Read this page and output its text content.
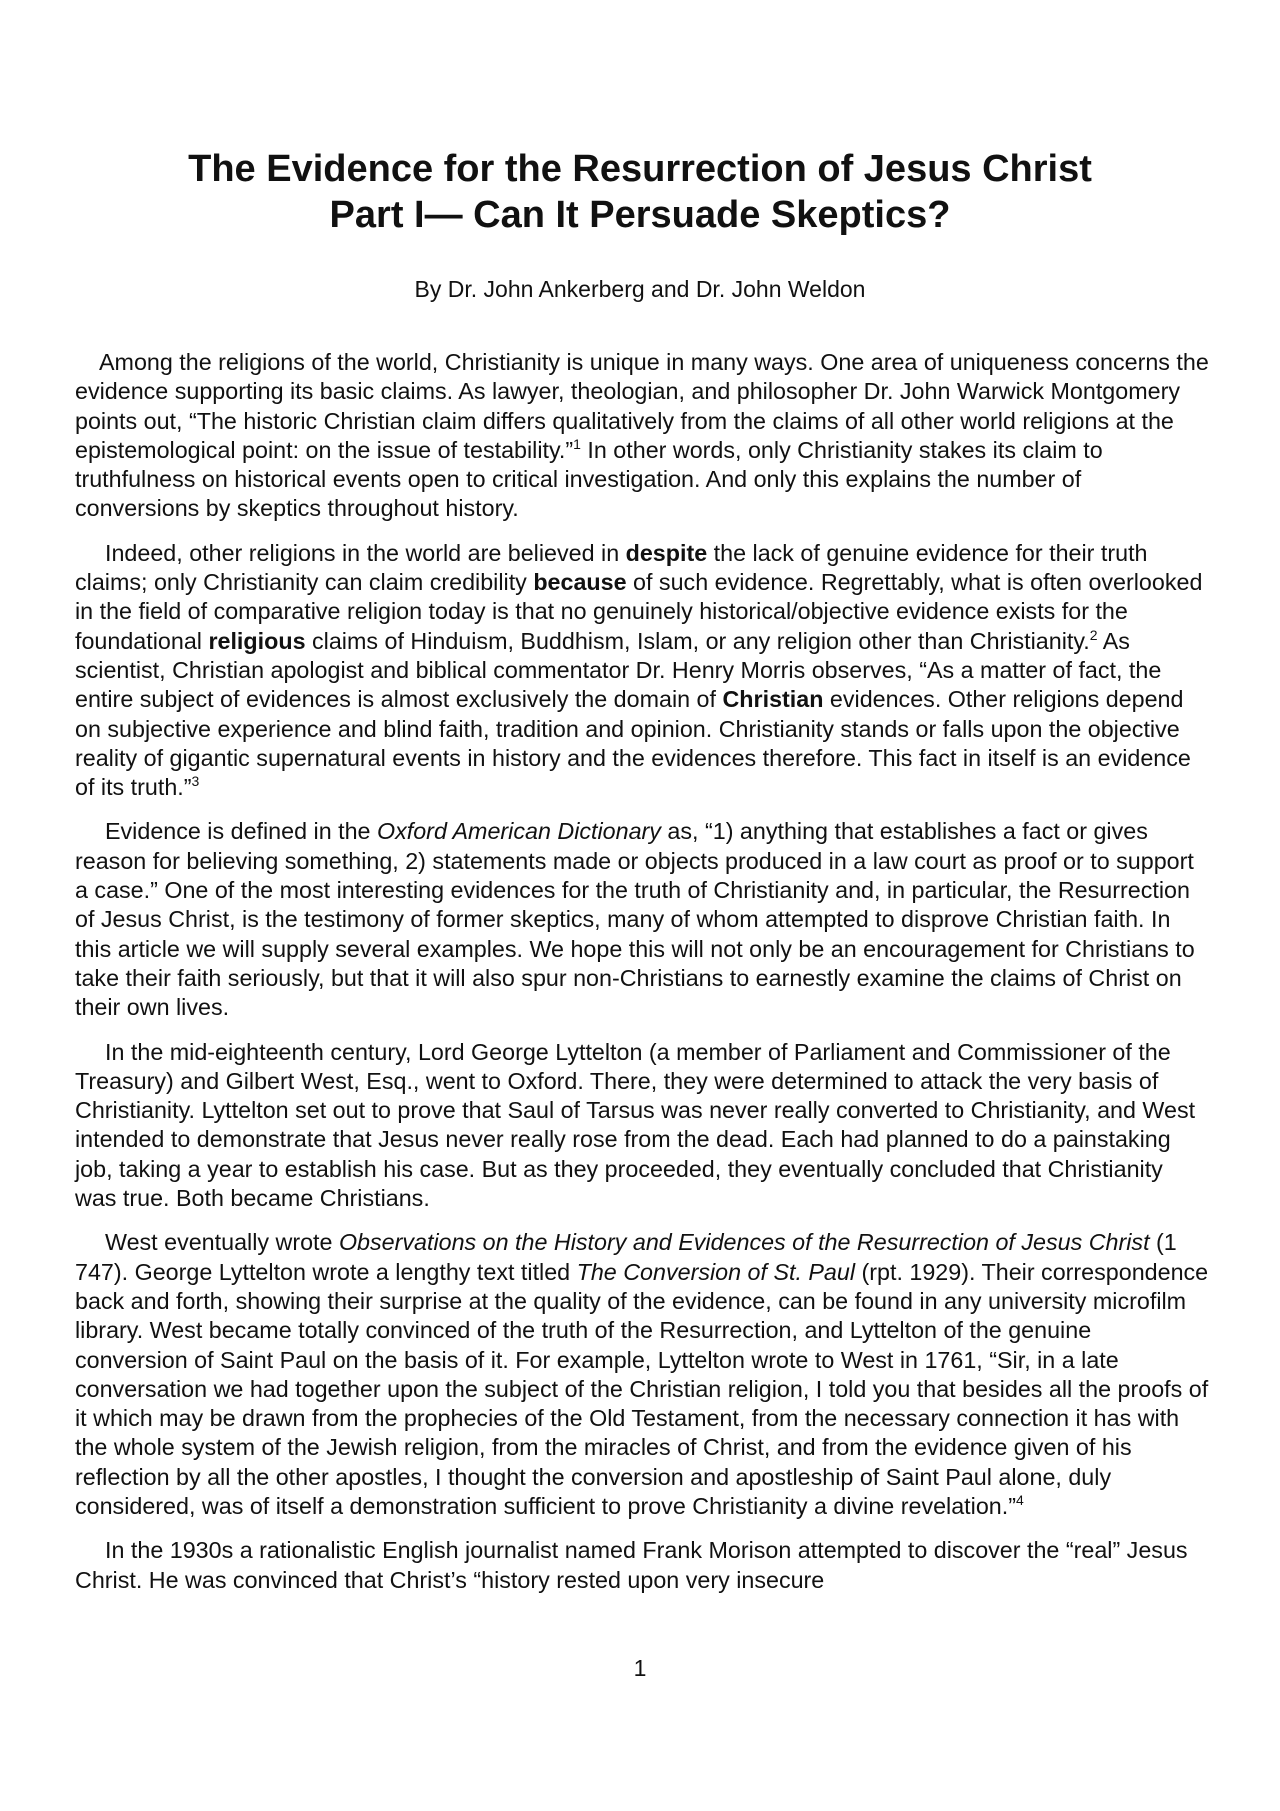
The Evidence for the Resurrection of Jesus Christ
Part I— Can It Persuade Skeptics?
By Dr. John Ankerberg and Dr. John Weldon

Among the religions of the world, Christianity is unique in many ways. One area of uniqueness concerns the evidence supporting its basic claims. As lawyer, theologian, and philosopher Dr. John Warwick Montgomery points out, “The historic Christian claim differs qualitatively from the claims of all other world religions at the epistemological point: on the issue of testability.”$^1$ In other words, only Christianity stakes its claim to truthfulness on historical events open to critical investigation. And only this explains the number of conversions by skeptics throughout history.

Indeed, other religions in the world are believed in despite the lack of genuine evidence for their truth claims; only Christianity can claim credibility because of such evidence. Regrettably, what is often overlooked in the field of comparative religion today is that no genuinely historical/objective evidence exists for the foundational religious claims of Hinduism, Buddhism, Islam, or any religion other than Christianity.$^2$ As scientist, Christian apologist and biblical commentator Dr. Henry Morris observes, “As a matter of fact, the entire subject of evidences is almost exclusively the domain of Christian evidences. Other religions depend on subjective experience and blind faith, tradition and opinion. Christianity stands or falls upon the objective reality of gigantic supernatural events in history and the evidences therefore. This fact in itself is an evidence of its truth.”$^3$

Evidence is defined in the Oxford American Dictionary as, “1) anything that establishes a fact or gives reason for believing something, 2) statements made or objects produced in a law court as proof or to support a case.” One of the most interesting evidences for the truth of Christianity and, in particular, the Resurrection of Jesus Christ, is the testimony of former skeptics, many of whom attempted to disprove Christian faith. In this article we will supply several examples. We hope this will not only be an encouragement for Christians to take their faith seriously, but that it will also spur non-Christians to earnestly examine the claims of Christ on their own lives.

In the mid-eighteenth century, Lord George Lyttelton (a member of Parliament and Commissioner of the Treasury) and Gilbert West, Esq., went to Oxford. There, they were determined to attack the very basis of Christianity. Lyttelton set out to prove that Saul of Tarsus was never really converted to Christianity, and West intended to demonstrate that Jesus never really rose from the dead. Each had planned to do a painstaking job, taking a year to establish his case. But as they proceeded, they eventually concluded that Christianity was true. Both became Christians.

West eventually wrote Observations on the History and Evidences of the Resurrection of Jesus Christ (1 747). George Lyttelton wrote a lengthy text titled The Conversion of St. Paul (rpt. 1929). Their correspondence back and forth, showing their surprise at the quality of the evidence, can be found in any university microfilm library. West became totally convinced of the truth of the Resurrection, and Lyttelton of the genuine conversion of Saint Paul on the basis of it. For example, Lyttelton wrote to West in 1761, “Sir, in a late conversation we had together upon the subject of the Christian religion, I told you that besides all the proofs of it which may be drawn from the prophecies of the Old Testament, from the necessary connection it has with the whole system of the Jewish religion, from the miracles of Christ, and from the evidence given of his reflection by all the other apostles, I thought the conversion and apostleship of Saint Paul alone, duly considered, was of itself a demonstration sufficient to prove Christianity a divine revelation.”$^4$

In the 1930s a rationalistic English journalist named Frank Morison attempted to discover the “real” Jesus Christ. He was convinced that Christ’s “history rested upon very insecure

1
